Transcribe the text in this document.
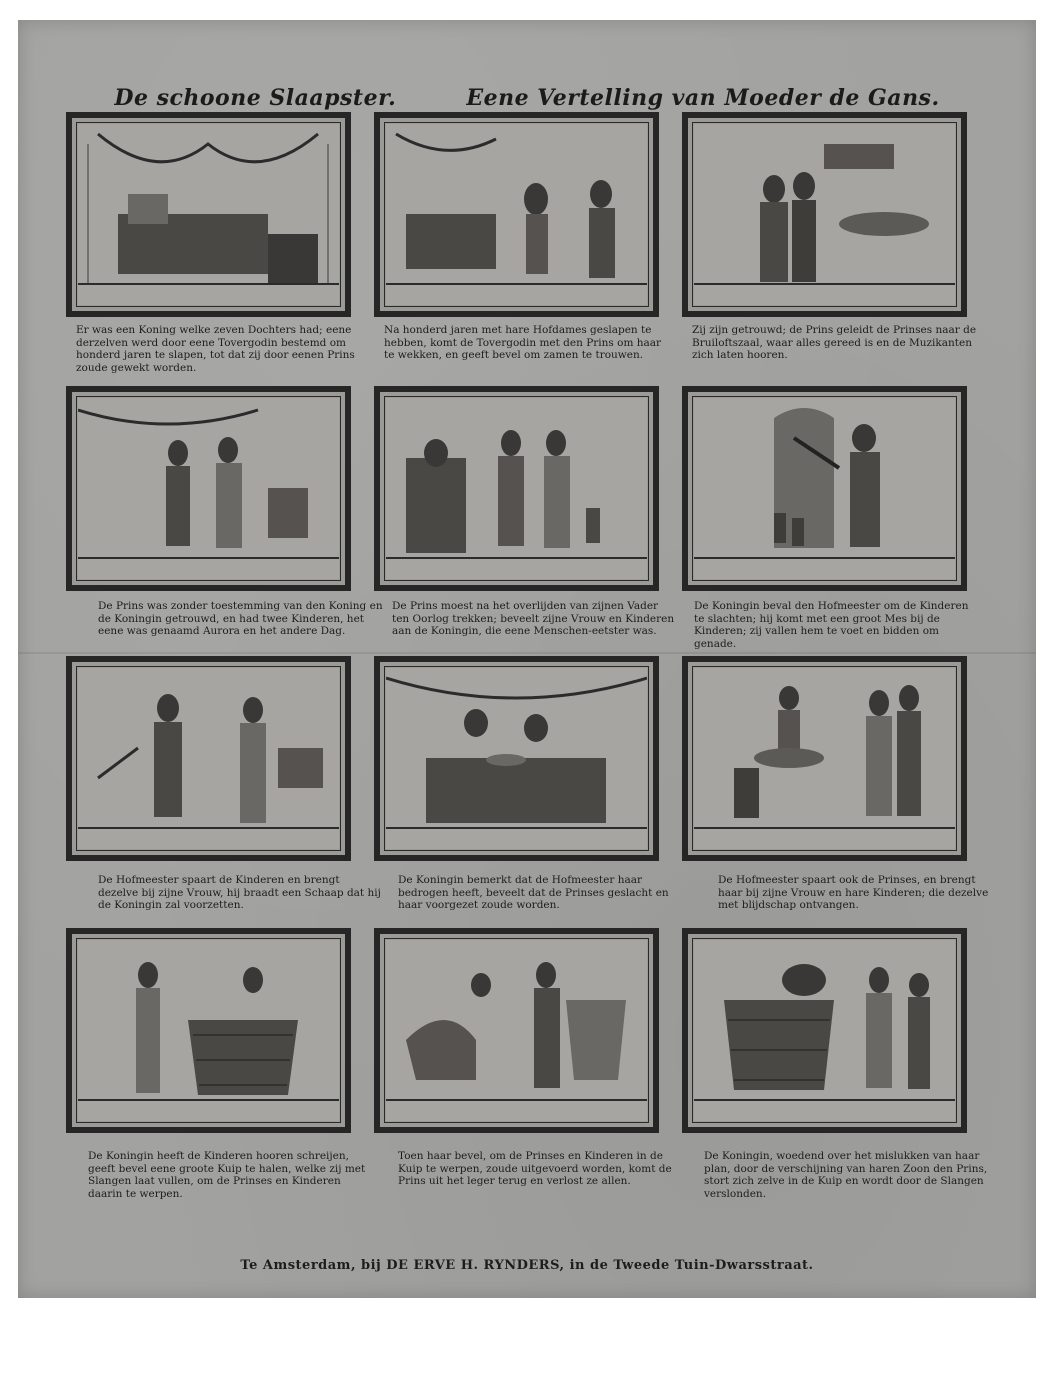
De schoone Slaapster.	Eene Vertelling van Moeder de Gans.
Er was een Koning welke zeven Dochters had; eene derzelven werd door eene Tovergodin bestemd om honderd jaren te slapen, tot dat zij door eenen Prins zoude gewekt worden.
Na honderd jaren met hare Hofdames geslapen te hebben, komt de Tovergodin met den Prins om haar te wekken, en geeft bevel om zamen te trouwen.
Zij zijn getrouwd; de Prins geleidt de Prinses naar de Bruiloftszaal, waar alles gereed is en de Muzikanten zich laten hooren.
De Prins was zonder toestemming van den Koning en de Koningin getrouwd, en had twee Kinderen, het eene was genaamd Aurora en het andere Dag.
De Prins moest na het overlijden van zijnen Vader ten Oorlog trekken; beveelt zijne Vrouw en Kinderen aan de Koningin, die eene Menschen-eetster was.
De Koningin beval den Hofmeester om de Kinderen te slachten; hij komt met een groot Mes bij de Kinderen; zij vallen hem te voet en bidden om genade.
De Hofmeester spaart de Kinderen en brengt dezelve bij zijne Vrouw, hij braadt een Schaap dat hij de Koningin zal voorzetten.
De Koningin bemerkt dat de Hofmeester haar bedrogen heeft, beveelt dat de Prinses geslacht en haar voorgezet zoude worden.
De Hofmeester spaart ook de Prinses, en brengt haar bij zijne Vrouw en hare Kinderen; die dezelve met blijdschap ontvangen.
De Koningin heeft de Kinderen hooren schreijen, geeft bevel eene groote Kuip te halen, welke zij met Slangen laat vullen, om de Prinses en Kinderen daarin te werpen.
Toen haar bevel, om de Prinses en Kinderen in de Kuip te werpen, zoude uitgevoerd worden, komt de Prins uit het leger terug en verlost ze allen.
De Koningin, woedend over het mislukken van haar plan, door de verschijning van haren Zoon den Prins, stort zich zelve in de Kuip en wordt door de Slangen verslonden.
Te Amsterdam, bij DE ERVE H. RYNDERS, in de Tweede Tuin-Dwarsstraat.
